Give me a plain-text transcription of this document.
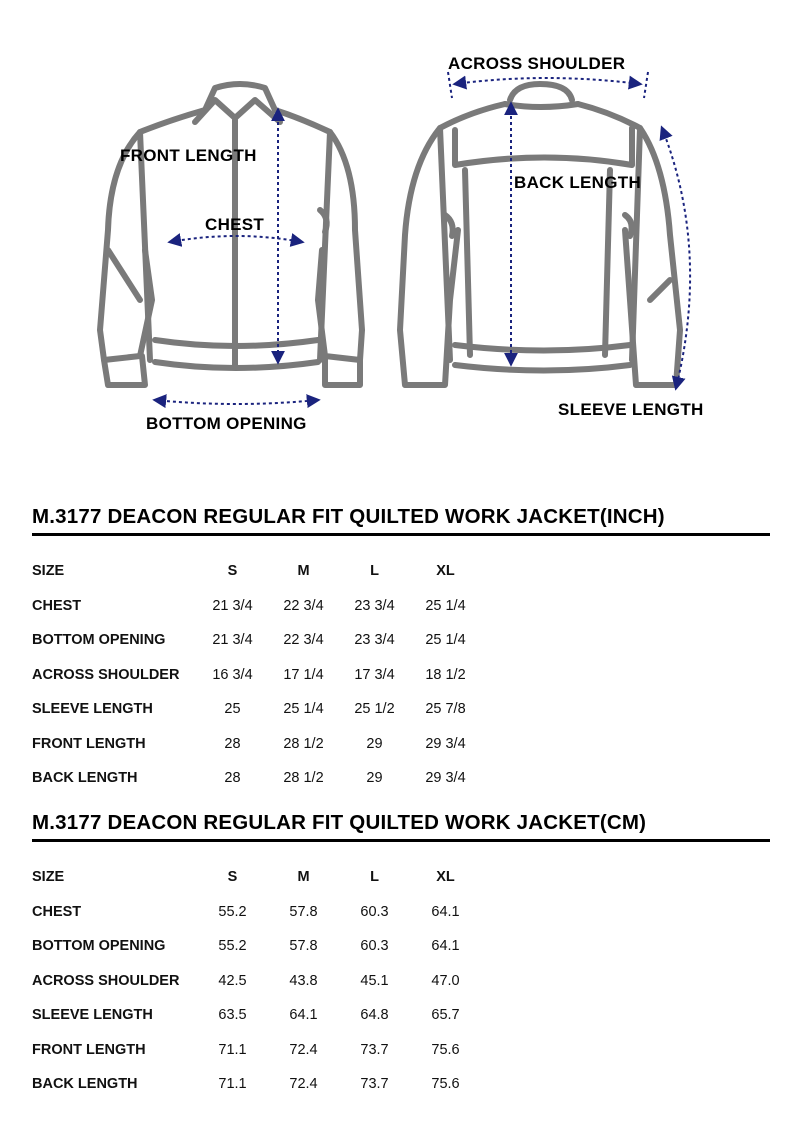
FRONT LENGTH
CHEST
BOTTOM OPENING
ACROSS SHOULDER
BACK LENGTH
SLEEVE LENGTH
M.3177 DEACON REGULAR FIT QUILTED WORK JACKET(INCH)
SIZE	S	M	L	XL
CHEST	21 3/4	22 3/4	23 3/4	25 1/4
BOTTOM OPENING	21 3/4	22 3/4	23 3/4	25 1/4
ACROSS SHOULDER	16 3/4	17 1/4	17 3/4	18 1/2
SLEEVE LENGTH	25	25 1/4	25 1/2	25 7/8
FRONT LENGTH	28	28 1/2	29	29 3/4
BACK LENGTH	28	28 1/2	29	29 3/4
M.3177 DEACON REGULAR FIT QUILTED WORK JACKET(CM)
SIZE	S	M	L	XL
CHEST	55.2	57.8	60.3	64.1
BOTTOM OPENING	55.2	57.8	60.3	64.1
ACROSS SHOULDER	42.5	43.8	45.1	47.0
SLEEVE LENGTH	63.5	64.1	64.8	65.7
FRONT LENGTH	71.1	72.4	73.7	75.6
BACK LENGTH	71.1	72.4	73.7	75.6
